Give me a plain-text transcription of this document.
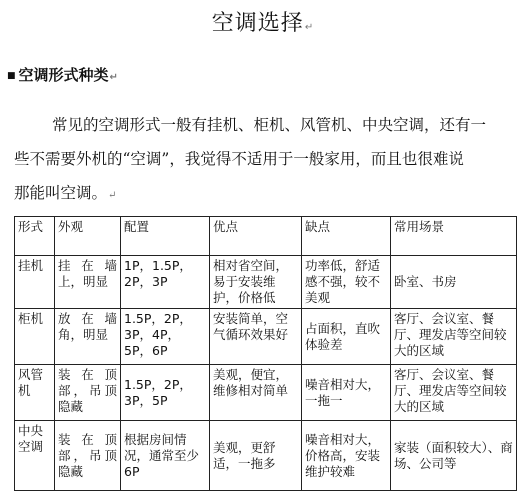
空调选择↵
■ 空调形式种类↵
常见的空调形式一般有挂机、柜机、风管机、中央空调，还有一
些不需要外机的“空调”，我觉得不适用于一般家用，而且也很难说
那能叫空调。↵
形式	外观	配置	优点	缺点	常用场景
挂机	挂在墙上，明显	1P，1.5P，2P，3P	相对省空间，易于安装维护，价格低	功率低，舒适感不强，较不美观	卧室、书房
柜机	放在墙角，明显	1.5P，2P，3P，4P，5P，6P	安装简单，空气循环效果好	占面积，直吹体验差	客厅、会议室、餐厅、理发店等空间较大的区域
风管机	装在顶部，吊顶隐藏	1.5P，2P，3P，5P	美观，便宜，维修相对简单	噪音相对大，一拖一	客厅、会议室、餐厅、理发店等空间较大的区域
中央空调	装在顶部，吊顶隐藏	根据房间情况，通常至少6P	美观，更舒适，一拖多	噪音相对大，价格高，安装维护较难	家装（面积较大）、商场、公司等
